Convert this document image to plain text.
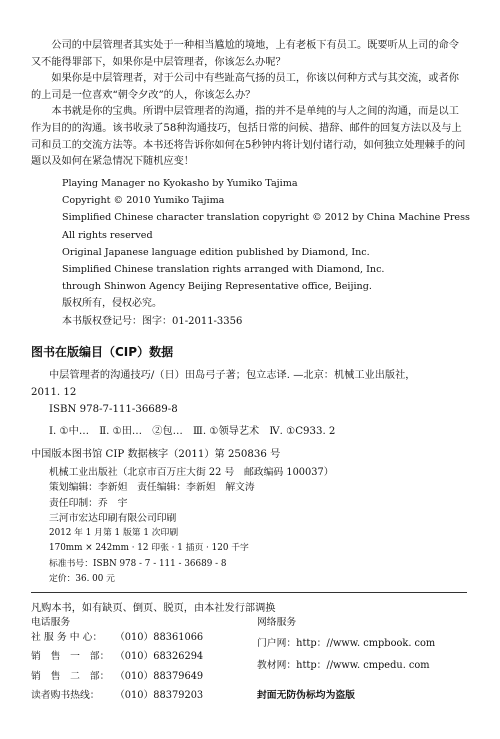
公司的中层管理者其实处于一种相当尴尬的境地，上有老板下有员工。既要听从上司的命令又不能得罪部下，如果你是中层管理者，你该怎么办呢？

如果你是中层管理者，对于公司中有些趾高气扬的员工，你该以何种方式与其交流，或者你的上司是一位喜欢“朝令夕改”的人，你该怎么办？

本书就是你的宝典。所谓中层管理者的沟通，指的并不是单纯的与人之间的沟通，而是以工作为目的的沟通。该书收录了58种沟通技巧，包括日常的问候、措辞、邮件的回复方法以及与上司和员工的交流方法等。本书还将告诉你如何在5秒钟内将计划付诸行动，如何独立处理棘手的问题以及如何在紧急情况下随机应变！

Playing Manager no Kyokasho by Yumiko Tajima
Copyright © 2010 Yumiko Tajima
Simplified Chinese character translation copyright © 2012 by China Machine Press
All rights reserved
Original Japanese language edition published by Diamond, Inc.
Simplified Chinese translation rights arranged with Diamond, Inc.
through Shinwon Agency Beijing Representative office, Beijing.
版权所有，侵权必究。
本书版权登记号：图字：01-2011-3356
图书在版编目（CIP）数据
中层管理者的沟通技巧/（日）田岛弓子著；包立志译. —北京：机械工业出版社，
2011. 12
ISBN 978-7-111-36689-8
Ⅰ. ①中…　Ⅱ. ①田…　②包…　Ⅲ. ①领导艺术　Ⅳ. ①C933. 2
中国版本图书馆 CIP 数据核字（2011）第 250836 号
机械工业出版社（北京市百万庄大街 22 号　邮政编码 100037）
策划编辑：李新妲　责任编辑：李新妲　解文涛
责任印制：乔　宇
三河市宏达印刷有限公司印刷
2012 年 1 月第 1 版第 1 次印刷
170mm × 242mm · 12 印张 · 1 插页 · 120 千字
标准书号：ISBN 978 - 7 - 111 - 36689 - 8
定价：36. 00 元
凡购本书，如有缺页、倒页、脱页，由本社发行部调换
电话服务	网络服务
社 服 务 中 心： （010）88361066
门户网：http：//www. cmpbook. com
销　售　一　部： （010）68326294
销　售　二　部： （010）88379649
教材网：http：//www. cmpedu. com
读者购书热线： （010）88379203	封面无防伪标均为盗版
